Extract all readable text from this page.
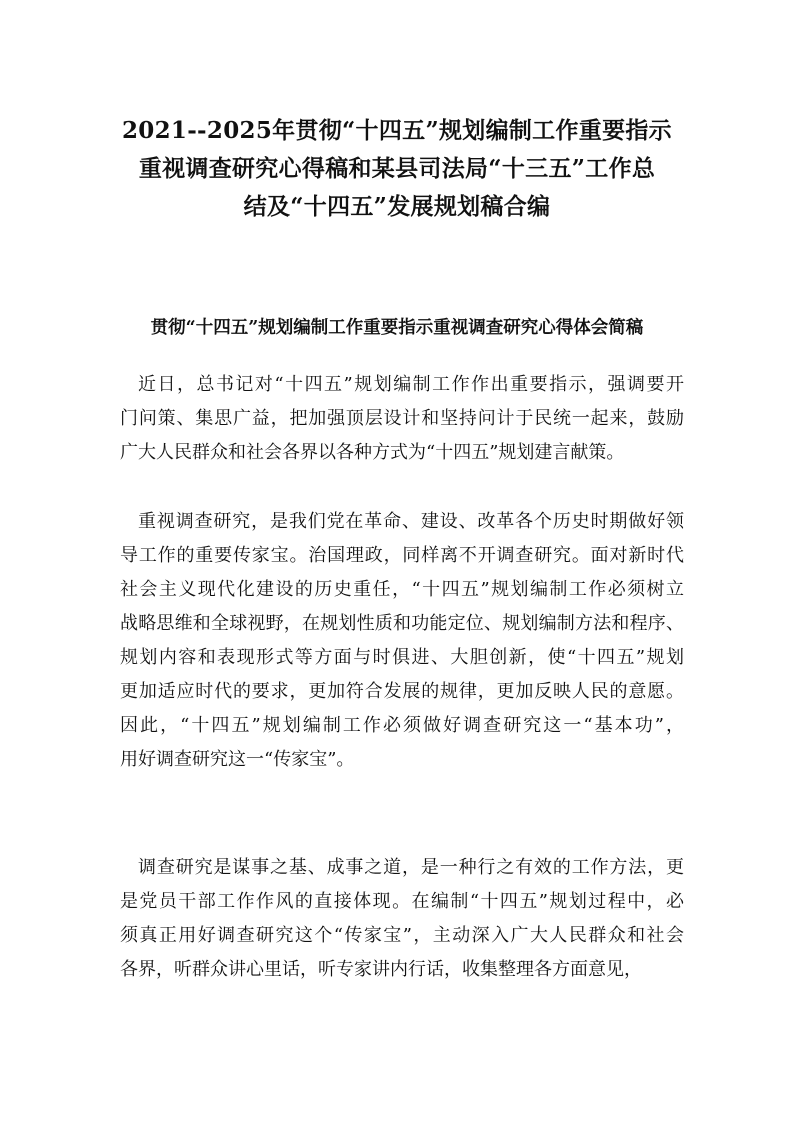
2021--2025年贯彻“十四五”规划编制工作重要指示
重视调查研究心得稿和某县司法局“十三五”工作总
结及“十四五”发展规划稿合编
贯彻“十四五”规划编制工作重要指示重视调查研究心得体会简稿
近日，总书记对“十四五”规划编制工作作出重要指示，强调要开
门问策、集思广益，把加强顶层设计和坚持问计于民统一起来，鼓励
广大人民群众和社会各界以各种方式为“十四五”规划建言献策。
重视调查研究，是我们党在革命、建设、改革各个历史时期做好领
导工作的重要传家宝。治国理政，同样离不开调查研究。面对新时代
社会主义现代化建设的历史重任，“十四五”规划编制工作必须树立
战略思维和全球视野，在规划性质和功能定位、规划编制方法和程序、
规划内容和表现形式等方面与时俱进、大胆创新，使“十四五”规划
更加适应时代的要求，更加符合发展的规律，更加反映人民的意愿。
因此，“十四五”规划编制工作必须做好调查研究这一“基本功”，
用好调查研究这一“传家宝”。
调查研究是谋事之基、成事之道，是一种行之有效的工作方法，更
是党员干部工作作风的直接体现。在编制“十四五”规划过程中，必
须真正用好调查研究这个“传家宝”，主动深入广大人民群众和社会
各界，听群众讲心里话，听专家讲内行话，收集整理各方面意见，
